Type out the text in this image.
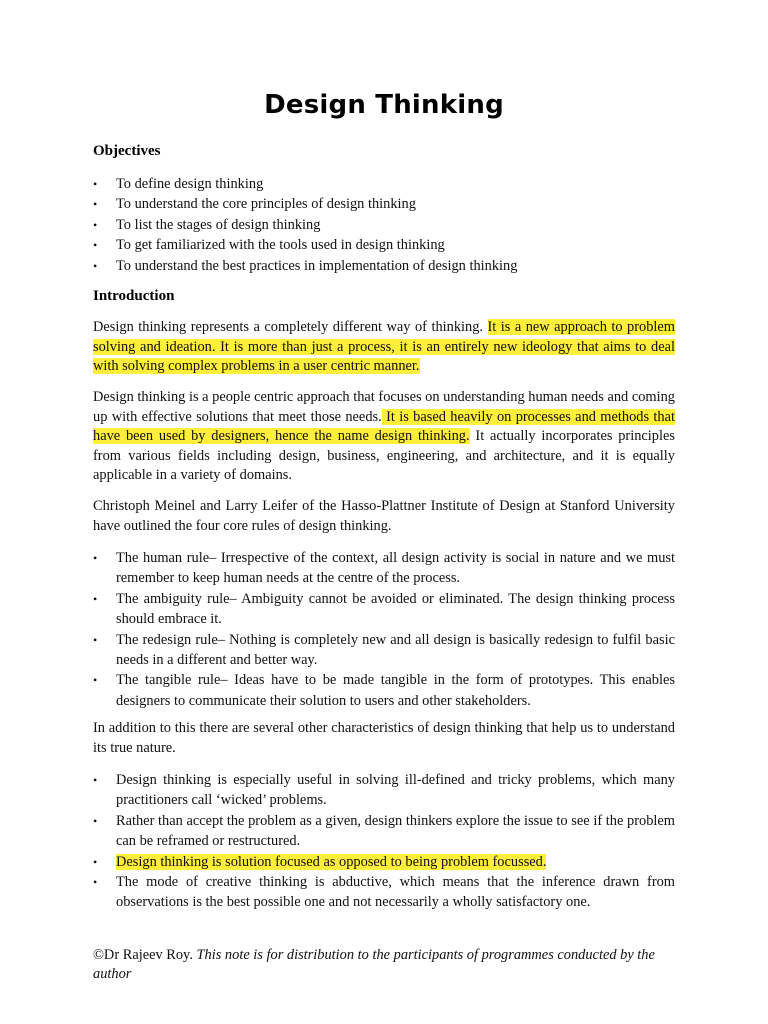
Design Thinking
Objectives
• To define design thinking
• To understand the core principles of design thinking
• To list the stages of design thinking
• To get familiarized with the tools used in design thinking
• To understand the best practices in implementation of design thinking
Introduction

Design thinking represents a completely different way of thinking. It is a new approach to problem solving and ideation. It is more than just a process, it is an entirely new ideology that aims to deal with solving complex problems in a user centric manner.

Design thinking is a people centric approach that focuses on understanding human needs and coming up with effective solutions that meet those needs. It is based heavily on processes and methods that have been used by designers, hence the name design thinking. It actually incorporates principles from various fields including design, business, engineering, and architecture, and it is equally applicable in a variety of domains.

Christoph Meinel and Larry Leifer of the Hasso-Plattner Institute of Design at Stanford University have outlined the four core rules of design thinking.

• The human rule– Irrespective of the context, all design activity is social in nature and we must remember to keep human needs at the centre of the process.
• The ambiguity rule– Ambiguity cannot be avoided or eliminated. The design thinking process should embrace it.
• The redesign rule– Nothing is completely new and all design is basically redesign to fulfil basic needs in a different and better way.
• The tangible rule– Ideas have to be made tangible in the form of prototypes. This enables designers to communicate their solution to users and other stakeholders.

In addition to this there are several other characteristics of design thinking that help us to understand its true nature.

• Design thinking is especially useful in solving ill-defined and tricky problems, which many practitioners call ‘wicked’ problems.
• Rather than accept the problem as a given, design thinkers explore the issue to see if the problem can be reframed or restructured.
• Design thinking is solution focused as opposed to being problem focussed.
• The mode of creative thinking is abductive, which means that the inference drawn from observations is the best possible one and not necessarily a wholly satisfactory one.
©Dr Rajeev Roy. This note is for distribution to the participants of programmes conducted by the author
